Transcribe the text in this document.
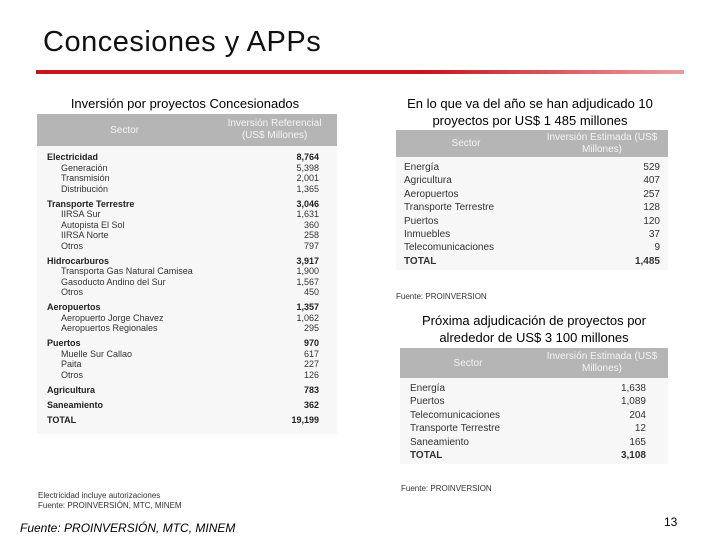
Concesiones y APPs
Inversión por proyectos Concesionados
Sector
Inversión Referencial (US$ Millones)
Electricidad	8,764
Generación	5,398
Transmisión	2,001
Distribución	1,365
Transporte Terrestre	3,046
IIRSA Sur	1,631
Autopista El Sol	360
IIRSA Norte	258
Otros	797
Hidrocarburos	3,917
Transporta Gas Natural Camisea	1,900
Gasoducto Andino del Sur	1,567
Otros	450
Aeropuertos	1,357
Aeropuerto Jorge Chavez	1,062
Aeropuertos Regionales	295
Puertos	970
Muelle Sur Callao	617
Paita	227
Otros	126
Agricultura	783
Saneamiento	362
TOTAL	19,199
Electricidad incluye autorizaciones
Fuente: PROINVERSIÓN, MTC, MINEM
En lo que va del año se han adjudicado 10 proyectos por US$ 1 485 millones
Sector
Inversión Estimada (US$ Millones)
Energía	529
Agricultura	407
Aeropuertos	257
Transporte Terrestre	128
Puertos	120
Inmuebles	37
Telecomunicaciones	9
TOTAL	1,485
Fuente: PROINVERSION
Próxima adjudicación de proyectos por alrededor de US$ 3 100 millones
Sector
Inversión Estimada (US$ Millones)
Energía	1,638
Puertos	1,089
Telecomunicaciones	204
Transporte Terrestre	12
Saneamiento	165
TOTAL	3,108
Fuente: PROINVERSION
Fuente: PROINVERSIÓN, MTC, MINEM	13
